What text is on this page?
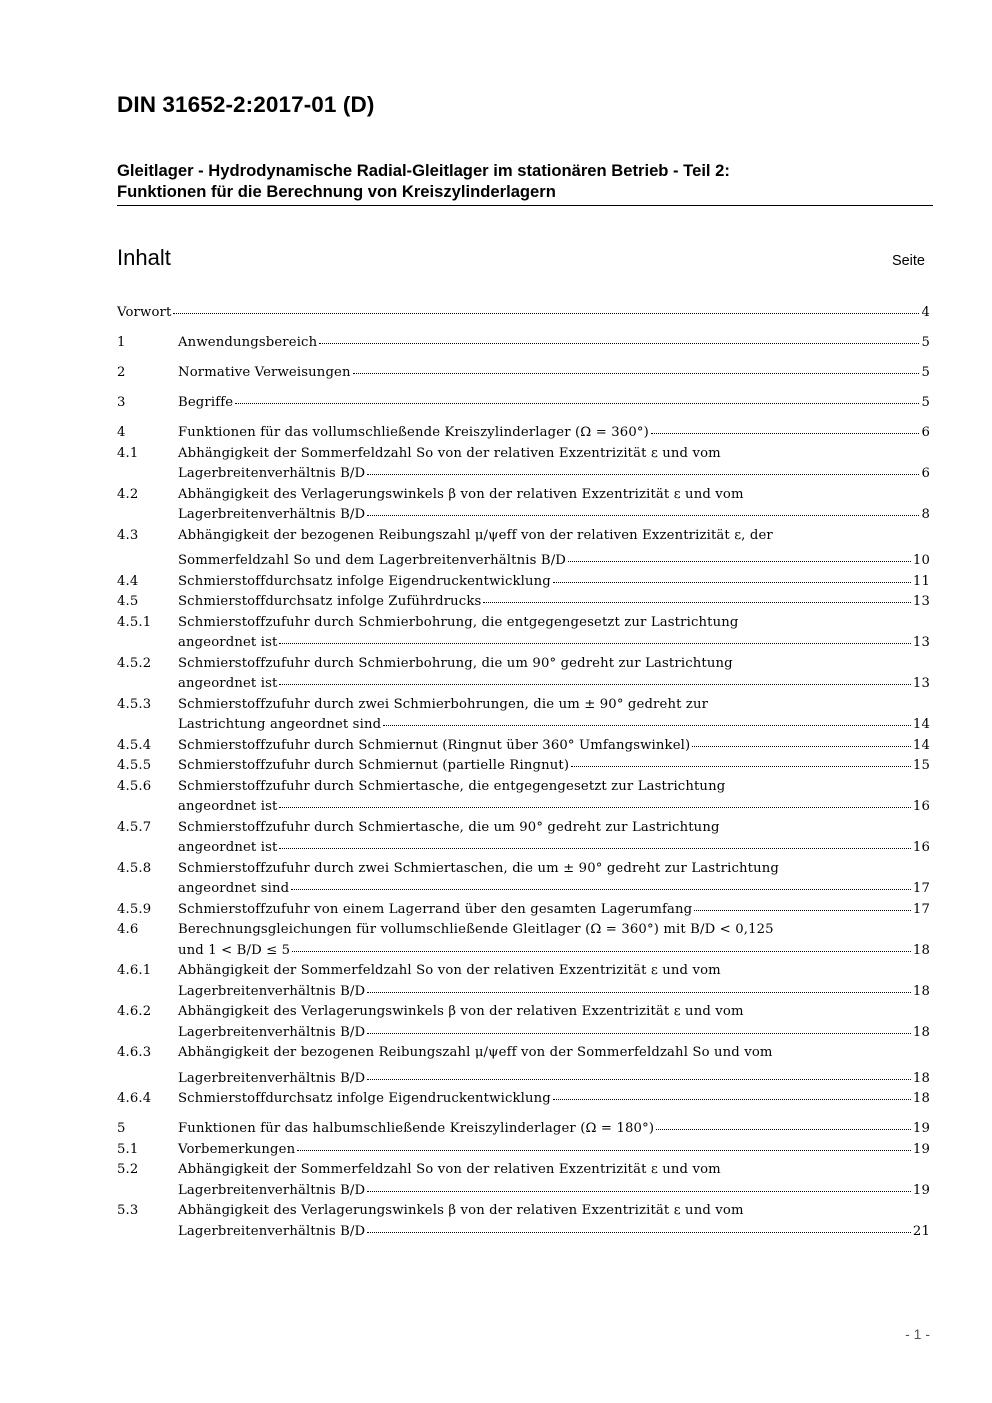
DIN 31652-2:2017-01 (D)
Gleitlager - Hydrodynamische Radial-Gleitlager im stationären Betrieb - Teil 2:
Funktionen für die Berechnung von Kreiszylinderlagern
Inhalt	Seite
Vorwort	4
1	Anwendungsbereich	5
2	Normative Verweisungen	5
3	Begriffe	5
4	Funktionen für das vollumschließende Kreiszylinderlager (Ω = 360°)	6
4.1	Abhängigkeit der Sommerfeldzahl So von der relativen Exzentrizität ε und vom
Lagerbreitenverhältnis B/D	6
4.2	Abhängigkeit des Verlagerungswinkels β von der relativen Exzentrizität ε und vom
Lagerbreitenverhältnis B/D	8
4.3	Abhängigkeit der bezogenen Reibungszahl μ/ψeff von der relativen Exzentrizität ε, der
Sommerfeldzahl So und dem Lagerbreitenverhältnis B/D	10
4.4	Schmierstoffdurchsatz infolge Eigendruckentwicklung	11
4.5	Schmierstoffdurchsatz infolge Zuführdrucks	13
4.5.1	Schmierstoffzufuhr durch Schmierbohrung, die entgegengesetzt zur Lastrichtung
angeordnet ist	13
4.5.2	Schmierstoffzufuhr durch Schmierbohrung, die um 90° gedreht zur Lastrichtung
angeordnet ist	13
4.5.3	Schmierstoffzufuhr durch zwei Schmierbohrungen, die um ± 90° gedreht zur
Lastrichtung angeordnet sind	14
4.5.4	Schmierstoffzufuhr durch Schmiernut (Ringnut über 360° Umfangswinkel)	14
4.5.5	Schmierstoffzufuhr durch Schmiernut (partielle Ringnut)	15
4.5.6	Schmierstoffzufuhr durch Schmiertasche, die entgegengesetzt zur Lastrichtung
angeordnet ist	16
4.5.7	Schmierstoffzufuhr durch Schmiertasche, die um 90° gedreht zur Lastrichtung
angeordnet ist	16
4.5.8	Schmierstoffzufuhr durch zwei Schmiertaschen, die um ± 90° gedreht zur Lastrichtung
angeordnet sind	17
4.5.9	Schmierstoffzufuhr von einem Lagerrand über den gesamten Lagerumfang	17
4.6	Berechnungsgleichungen für vollumschließende Gleitlager (Ω = 360°) mit B/D < 0,125
und 1 < B/D ≤ 5	18
4.6.1	Abhängigkeit der Sommerfeldzahl So von der relativen Exzentrizität ε und vom
Lagerbreitenverhältnis B/D	18
4.6.2	Abhängigkeit des Verlagerungswinkels β von der relativen Exzentrizität ε und vom
Lagerbreitenverhältnis B/D	18
4.6.3	Abhängigkeit der bezogenen Reibungszahl μ/ψeff von der Sommerfeldzahl So und vom
Lagerbreitenverhältnis B/D	18
4.6.4	Schmierstoffdurchsatz infolge Eigendruckentwicklung	18
5	Funktionen für das halbumschließende Kreiszylinderlager (Ω = 180°)	19
5.1	Vorbemerkungen	19
5.2	Abhängigkeit der Sommerfeldzahl So von der relativen Exzentrizität ε und vom
Lagerbreitenverhältnis B/D	19
5.3	Abhängigkeit des Verlagerungswinkels β von der relativen Exzentrizität ε und vom
Lagerbreitenverhältnis B/D	21
- 1 -
